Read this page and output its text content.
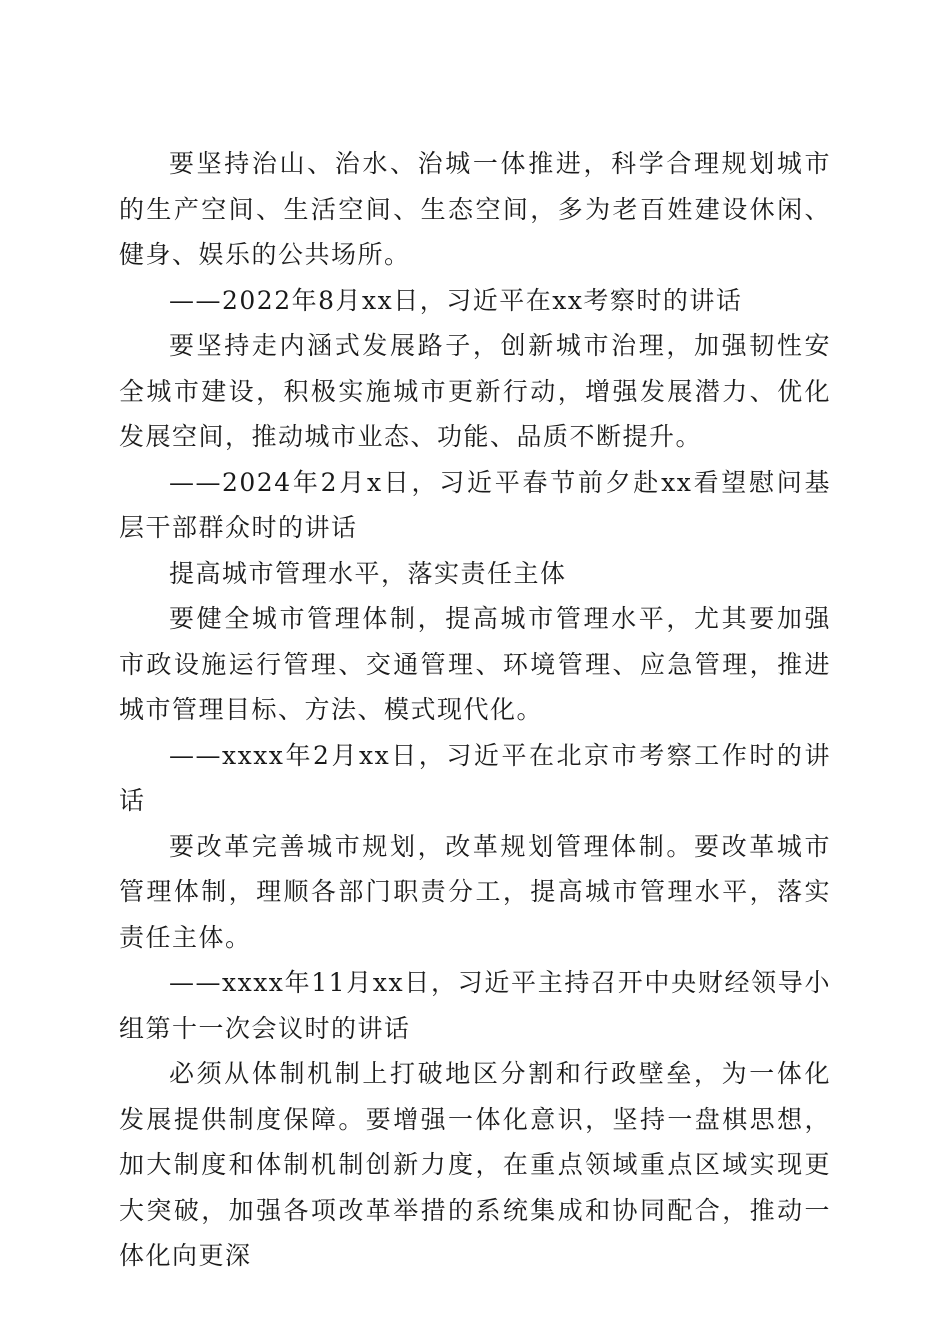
要坚持治山、治水、治城一体推进，科学合理规划城市的生产空间、生活空间、生态空间，多为老百姓建设休闲、健身、娱乐的公共场所。

——2022年8月xx日，习近平在xx考察时的讲话

要坚持走内涵式发展路子，创新城市治理，加强韧性安全城市建设，积极实施城市更新行动，增强发展潜力、优化发展空间，推动城市业态、功能、品质不断提升。

——2024年2月x日，习近平春节前夕赴xx看望慰问基层干部群众时的讲话

提高城市管理水平，落实责任主体

要健全城市管理体制，提高城市管理水平，尤其要加强市政设施运行管理、交通管理、环境管理、应急管理，推进城市管理目标、方法、模式现代化。

——xxxx年2月xx日，习近平在北京市考察工作时的讲话

要改革完善城市规划，改革规划管理体制。要改革城市管理体制，理顺各部门职责分工，提高城市管理水平，落实责任主体。

——xxxx年11月xx日，习近平主持召开中央财经领导小组第十一次会议时的讲话

必须从体制机制上打破地区分割和行政壁垒，为一体化发展提供制度保障。要增强一体化意识，坚持一盘棋思想，加大制度和体制机制创新力度，在重点领域重点区域实现更大突破，加强各项改革举措的系统集成和协同配合，推动一体化向更深
